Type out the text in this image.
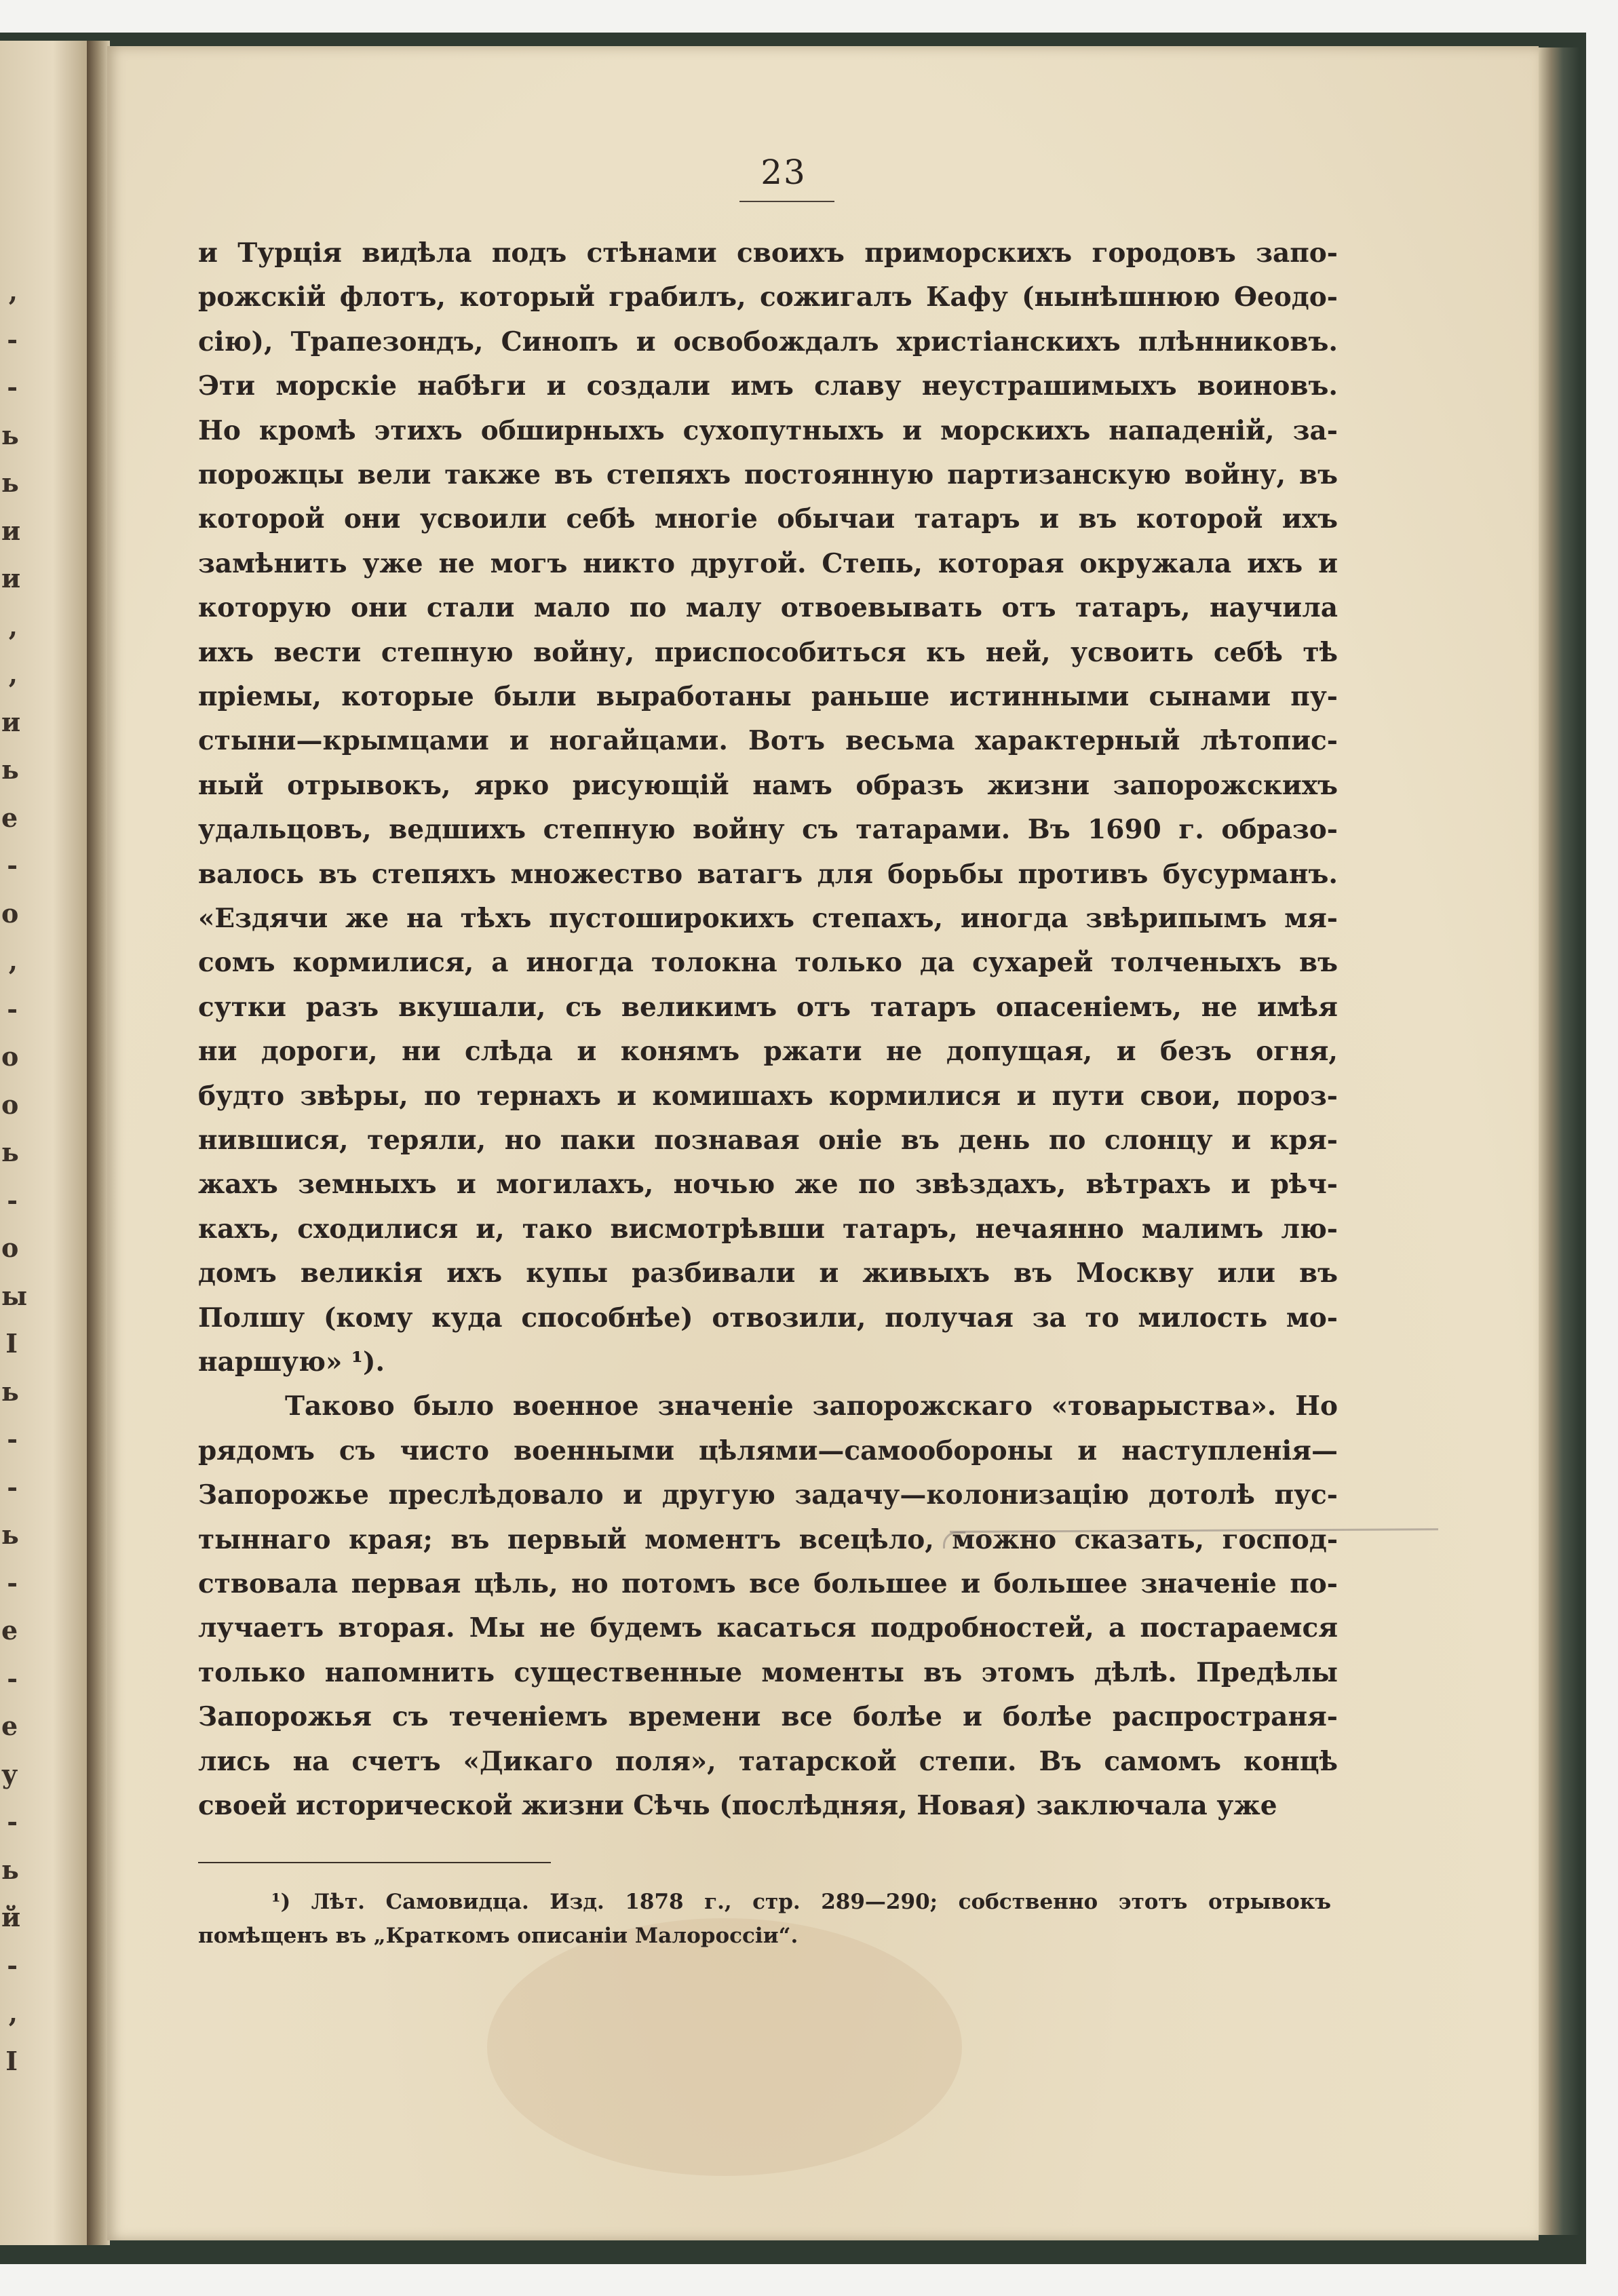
,
-
-
ь
ь
и
и
,
,
и
ь
е
-
о
,
-
о
о
ь
-
о
ы
I
ь
-
-
ь
-
е
-
е
у
-
ь
й
-
,
I
23
и Турція видѣла подъ стѣнами своихъ приморскихъ городовъ запо-
рожскій флотъ, который грабилъ, сожигалъ Кафу (нынѣшнюю Ѳеодо-
сію), Трапезондъ, Синопъ и освобождалъ христіанскихъ плѣнниковъ.
Эти морскіе набѣги и создали имъ славу неустрашимыхъ воиновъ.
Но кромѣ этихъ обширныхъ сухопутныхъ и морскихъ нападеній, за-
порожцы вели также въ степяхъ постоянную партизанскую войну, въ
которой они усвоили себѣ многіе обычаи татаръ и въ которой ихъ
замѣнить уже не могъ никто другой. Степь, которая окружала ихъ и
которую они стали мало по малу отвоевывать отъ татаръ, научила
ихъ вести степную войну, приспособиться къ ней, усвоить себѣ тѣ
пріемы, которые были выработаны раньше истинными сынами пу-
стыни—крымцами и ногайцами. Вотъ весьма характерный лѣтопис-
ный отрывокъ, ярко рисующій намъ образъ жизни запорожскихъ
удальцовъ, ведшихъ степную войну съ татарами. Въ 1690 г. образо-
валось въ степяхъ множество ватагъ для борьбы противъ бусурманъ.
«Ездячи же на тѣхъ пустоширокихъ степахъ, иногда звѣрипымъ мя-
сомъ кормилися, а иногда толокна только да сухарей толченыхъ въ
сутки разъ вкушали, съ великимъ отъ татаръ опасеніемъ, не имѣя
ни дороги, ни слѣда и конямъ ржати не допущая, и безъ огня,
будто звѣры, по тернахъ и комишахъ кормилися и пути свои, пороз-
нившися, теряли, но паки познавая оніе въ день по слонцу и кря-
жахъ земныхъ и могилахъ, ночью же по звѣздахъ, вѣтрахъ и рѣч-
кахъ, сходилися и, тако висмотрѣвши татаръ, нечаянно малимъ лю-
домъ великія ихъ купы разбивали и живыхъ въ Москву или въ
Полшу (кому куда способнѣе) отвозили, получая за то милость мо-
наршую» ¹).
Таково было военное значеніе запорожскаго «товарыства». Но
рядомъ съ чисто военными цѣлями—самообороны и наступленія—
Запорожье преслѣдовало и другую задачу—колонизацію дотолѣ пус-
тыннаго края; въ первый моментъ всецѣло, можно сказать, господ-
ствовала первая цѣль, но потомъ все большее и большее значеніе по-
лучаетъ вторая. Мы не будемъ касаться подробностей, а постараемся
только напомнить существенные моменты въ этомъ дѣлѣ. Предѣлы
Запорожья съ теченіемъ времени все болѣе и болѣе распространя-
лись на счетъ «Дикаго поля», татарской степи. Въ самомъ концѣ
своей исторической жизни Сѣчь (послѣдняя, Новая) заключала уже
¹) Лѣт. Самовидца. Изд. 1878 г., стр. 289—290; собственно этотъ отрывокъ
помѣщенъ въ „Краткомъ описаніи Малороссіи“.
